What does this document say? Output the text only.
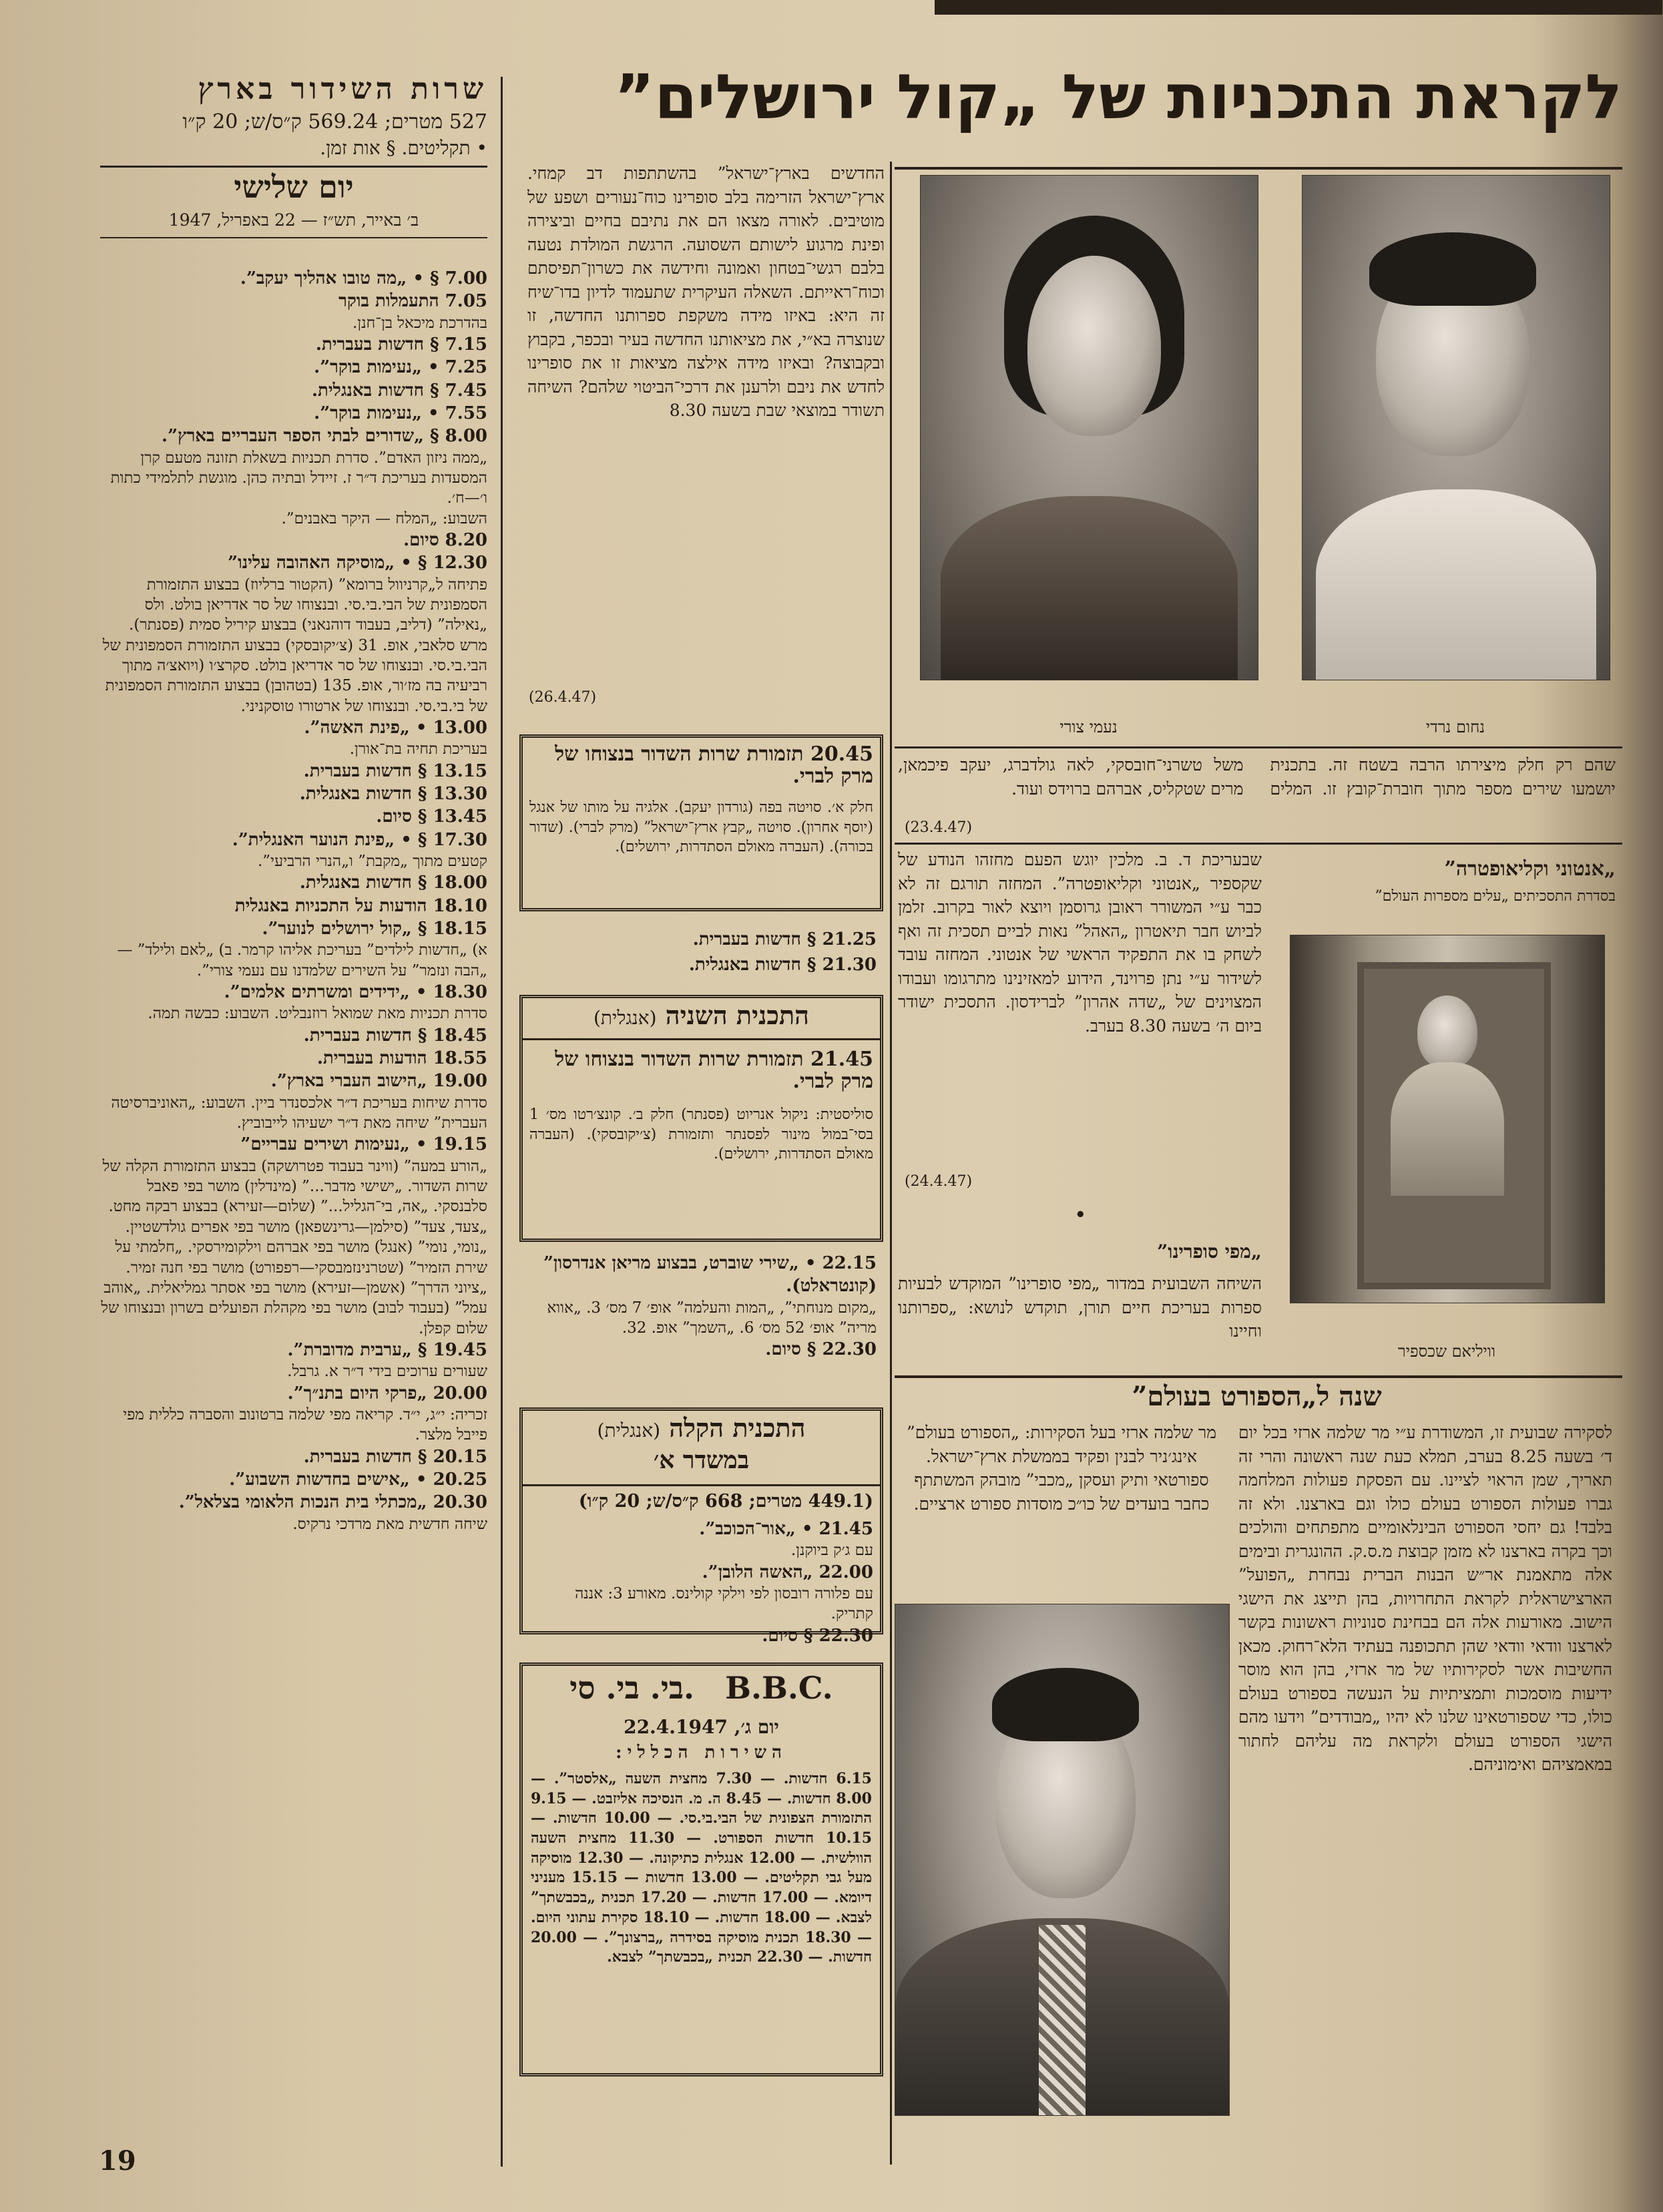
לקראת התכניות של „קול ירושלים”
נחום נרדי
נעמי צורי
החדשים בארץ־ישראל” בהשתתפות דב קמחי. ארץ־ישראל הזרימה בלב סופרינו כוח־נעורים ושפע של מוטיבים. לאורה מצאו הם את נתיבם בחיים וביצירה ופינת מרגוע לישותם השסועה. הרגשת המולדת נטעה בלבם רגשי־בטחון ואמונה וחידשה את כשרון־תפיסתם וכוח־ראייתם. השאלה העיקרית שתעמוד לדיון בדו־שיח זה היא: באיזו מידה משקפת ספרותנו החדשה, זו שנוצרה בא״י, את מציאותנו החדשה בעיר ובכפר, בקבוץ ובקבוצה? ובאיזו מידה אילצה מציאות זו את סופרינו לחדש את ניבם ולרענן את דרכי־הביטוי שלהם? השיחה תשודר במוצאי שבת בשעה 8.30
(26.4.47)
שהם רק חלק מיצירתו הרבה בשטח זה. בתכנית יושמעו שירים מספר מתוך חוברת־קובץ זו. המלים משל טשרני־חובסקי, לאה גולדברג, יעקב פיכמאן, מרים שטקליס, אברהם ברוידס ועוד.
(23.4.47)
„אנטוני וקליאופטרה”
בסדרת התסכיתים „עלים מספרות העולם”
וויליאם שכספיר
שבעריכת ד. ב. מלכין יוגש הפעם מחזהו הנודע של שקספיר „אנטוני וקליאופטרה”. המחזה תורגם זה לא כבר ע״י המשורר ראובן גרוסמן ויוצא לאור בקרוב. זלמן לביוש חבר תיאטרון „האהל” נאות לביים תסכית זה ואף לשחק בו את התפקיד הראשי של אנטוני. המחזה עובד לשידור ע״י נתן פרוינד, הידוע למאזינינו מתרגומו ועבודו המצוינים של „שדה אהרון” לברידסון. התסכית ישודר ביום ה׳ בשעה 8.30 בערב.
(24.4.47)
•
„מפי סופרינו”
השיחה השבועית במדור „מפי סופרינו” המוקדש לבעיות ספרות בעריכת חיים תורן, תוקדש לנושא: „ספרותנו וחיינו
שנה ל„הספורט בעולם”
לסקירה שבועית זו, המשודרת ע״י מר שלמה ארזי בכל יום ד׳ בשעה 8.25 בערב, תמלא כעת שנה ראשונה והרי זה תאריך, שמן הראוי לציינו. עם הפסקת פעולות המלחמה גברו פעולות הספורט בעולם כולו וגם בארצנו. ולא זה בלבד! גם יחסי הספורט הבינלאומיים מתפתחים והולכים וכך בקרה בארצנו לא מזמן קבוצת מ.ס.ק. ההונגרית ובימים אלה מתאמנת אר״ש הבנות הברית נבחרת „הפועל” הארצישראלית לקראת התחרויות, בהן תייצג את הישגי הישוב. מאורעות אלה הם בבחינת סנוניות ראשונות בקשר לארצנו וודאי וודאי שהן תתכופנה בעתיד הלא־רחוק. מכאן החשיבות אשר לסקירותיו של מר ארזי, בהן הוא מוסר ידיעות מוסמכות ותמציתיות על הנעשה בספורט בעולם כולו, כדי שספורטאינו שלנו לא יהיו „מבודדים” וידעו מהם הישגי הספורט בעולם ולקראת מה עליהם לחתור במאמציהם ואימוניהם.
מר שלמה ארזי בעל הסקירות: „הספורט בעולם” אינג׳ניר לבנין ופקיד בממשלת ארץ־ישראל. ספורטאי ותיק ועסקן „מכבי” מובהק המשתתף כחבר בועדים של כו״כ מוסדות ספורט ארציים.
שרות השידור בארץ
527 מטרים; 569.24 ק״ס/ש; 20 ק״ו
• תקליטים. § אות זמן.
יום שלישי
ב׳ באייר, תש״ז — 22 באפריל, 1947
7.00 § • „מה טובו אהליך יעקב”.
7.05 התעמלות בוקר
בהדרכת מיכאל בן־חנן.
7.15 § חדשות בעברית.
7.25 • „נעימות בוקר”.
7.45 § חדשות באנגלית.
7.55 • „נעימות בוקר”.
8.00 § „שדורים לבתי הספר העבריים בארץ”.
„ממה ניזון האדם”. סדרת תכניות בשאלת תזונה מטעם קרן המסעדות בעריכת ד״ר ז. זיידל ובתיה כהן. מוגשת לתלמידי כתות ו׳—ח׳.
השבוע: „המלח — היקר באבנים”.
8.20 סיום.
12.30 § • „מוסיקה האהובה עלינו”
פתיחה ל„קרניוול ברומא” (הקטור ברליוז) בבצוע התזמורת הסמפונית של הבי.בי.סי. ובנצוחו של סר אדריאן בולט. ולס „נאילה” (דליב, בעבוד דוהנאני) בבצוע קיריל סמית (פסנתר). מרש סלאבי, אופ. 31 (צ׳יקובסקי) בבצוע התזמורת הסמפונית של הבי.בי.סי. ובנצוחו של סר אדריאן בולט. סקרצ׳ו (ויואצ׳ה מתוך רביעיה בה מז׳ור, אופ. 135 (בטהובן) בבצוע התזמורת הסמפונית של בי.בי.סי. ובנצוחו של ארטורו טוסקניני.
13.00 • „פינת האשה”.
בעריכת תחיה בת־אורן.
13.15 § חדשות בעברית.
13.30 § חדשות באנגלית.
13.45 § סיום.
17.30 § • „פינת הנוער האנגלית”.
קטעים מתוך „מקבת” ו„הנרי הרביעי”.
18.00 § חדשות באנגלית.
18.10 הודעות על התכניות באנגלית
18.15 § „קול ירושלים לנוער”.
א) „חדשות לילדים” בעריכת אליהו קרמר. ב) „לאם ולילד” — „הבה ונזמר” על השירים שלמדנו עם נעמי צורי”.
18.30 • „ידידים ומשרתים אלמים”.
סדרת תכניות מאת שמואל רוזנבליט. השבוע: כבשה תמה.
18.45 § חדשות בעברית.
18.55 הודעות בעברית.
19.00 „הישוב העברי בארץ”.
סדרת שיחות בעריכת ד״ר אלכסנדר ביין. השבוע: „האוניברסיטה העברית” שיחה מאת ד״ר ישעיהו לייבוביץ.
19.15 • „נעימות ושירים עבריים”
„הורע במעה” (ווינר בעבוד פטרושקה) בבצוע התזמורת הקלה של שרות השדור. „ישישי מדבר...” (מינדלין) מושר בפי פאבל סלבנסקי. „אה, בי־הגליל...” (שלום—זעירא) בבצוע רבקה מחט. „צעד, צעד” (סילמן—גרינשפאן) מושר בפי אפרים גולדשטיין. „נומי, נומי” (אנגל) מושר בפי אברהם וילקומירסקי. „חלמתי על שירת הזמיר” (שטרנינזמבסקי—רפפורט) מושר בפי חנה זמיר. „ציוני הדרך” (אשמן—זעירא) מושר בפי אסתר גמליאלית. „אוהב עמל” (בעבוד לבוב) מושר בפי מקהלת הפועלים בשרון ובנצוחו של שלום קפלן.
19.45 § „ערבית מדוברת”.
שעורים ערוכים בידי ד״ר א. גרבל.
20.00 „פרקי היום בתנ״ך”.
זכריה: י״ג, י״ד. קריאה מפי שלמה ברטונוב והסברה כללית מפי פייבל מלצר.
20.15 § חדשות בעברית.
20.25 • „אישים בחדשות השבוע”.
20.30 „מכתלי בית הנכות הלאומי בצלאל”.
שיחה חדשית מאת מרדכי נרקיס.
20.45 תזמורת שרות השדור בנצוחו של מרק לברי.
חלק א׳. סויטה בפה (גורדון יעקב). אלגיה על מותו של אנגל (יוסף אחרון). סויטה „קבץ ארץ־ישראל” (מרק לברי). (שדור בכורה). (העברה מאולם הסתדרות, ירושלים).
21.25 § חדשות בעברית.
21.30 § חדשות באנגלית.
התכנית השניה (אנגלית)
21.45 תזמורת שרות השדור בנצוחו של מרק לברי.
סוליסטית: ניקול אנריוט (פסנתר) חלק ב׳. קונצ׳רטו מס׳ 1 בסי־במול מינור לפסנתר ותזמורת (צ׳יקובסקי). (העברה מאולם הסתדרות, ירושלים).
22.15 • „שירי שוברט, בבצוע מריאן אנדרסון” (קונטראלט).
„מקום מנוחתי”, „המות והעלמה” אופ׳ 7 מס׳ 3. „אווא מריה” אופ׳ 52 מס׳ 6. „השמך” אופ. 32.
22.30 § סיום.
התכנית הקלה (אנגלית)
במשדר א׳
(449.1 מטרים; 668 ק״ס/ש; 20 ק״ו)
21.45 • „אור־הכוכב”.
עם ג׳ק ביוקנן.
22.00 „האשה הלובן”.
עם פלורה רובסון לפי וילקי קולינס. מאורע 3: אננה קתריק.
22.30 § סיום.
בי. בי. סי. B.B.C.
יום ג׳, 22.4.1947
השירות הכללי:
6.15 חדשות. — 7.30 מחצית השעה „אלסטר”. — 8.00 חדשות. — 8.45 ה. מ. הנסיכה אליזבט. — 9.15 התזמורת הצפונית של הבי.בי.סי. — 10.00 חדשות. — 10.15 חדשות הספורט. — 11.30 מחצית השעה הוולשית. — 12.00 אנגלית כתיקונה. — 12.30 מוסיקה מעל גבי תקליטים. — 13.00 חדשות — 15.15 מעניני דיומא. — 17.00 חדשות. — 17.20 תכנית „בכבשתך” לצבא. — 18.00 חדשות. — 18.10 סקירת עתוני היום. — 18.30 תכנית מוסיקה בסידרה „ברצונך”. — 20.00 חדשות. — 22.30 תכנית „בכבשתך” לצבא.
19
